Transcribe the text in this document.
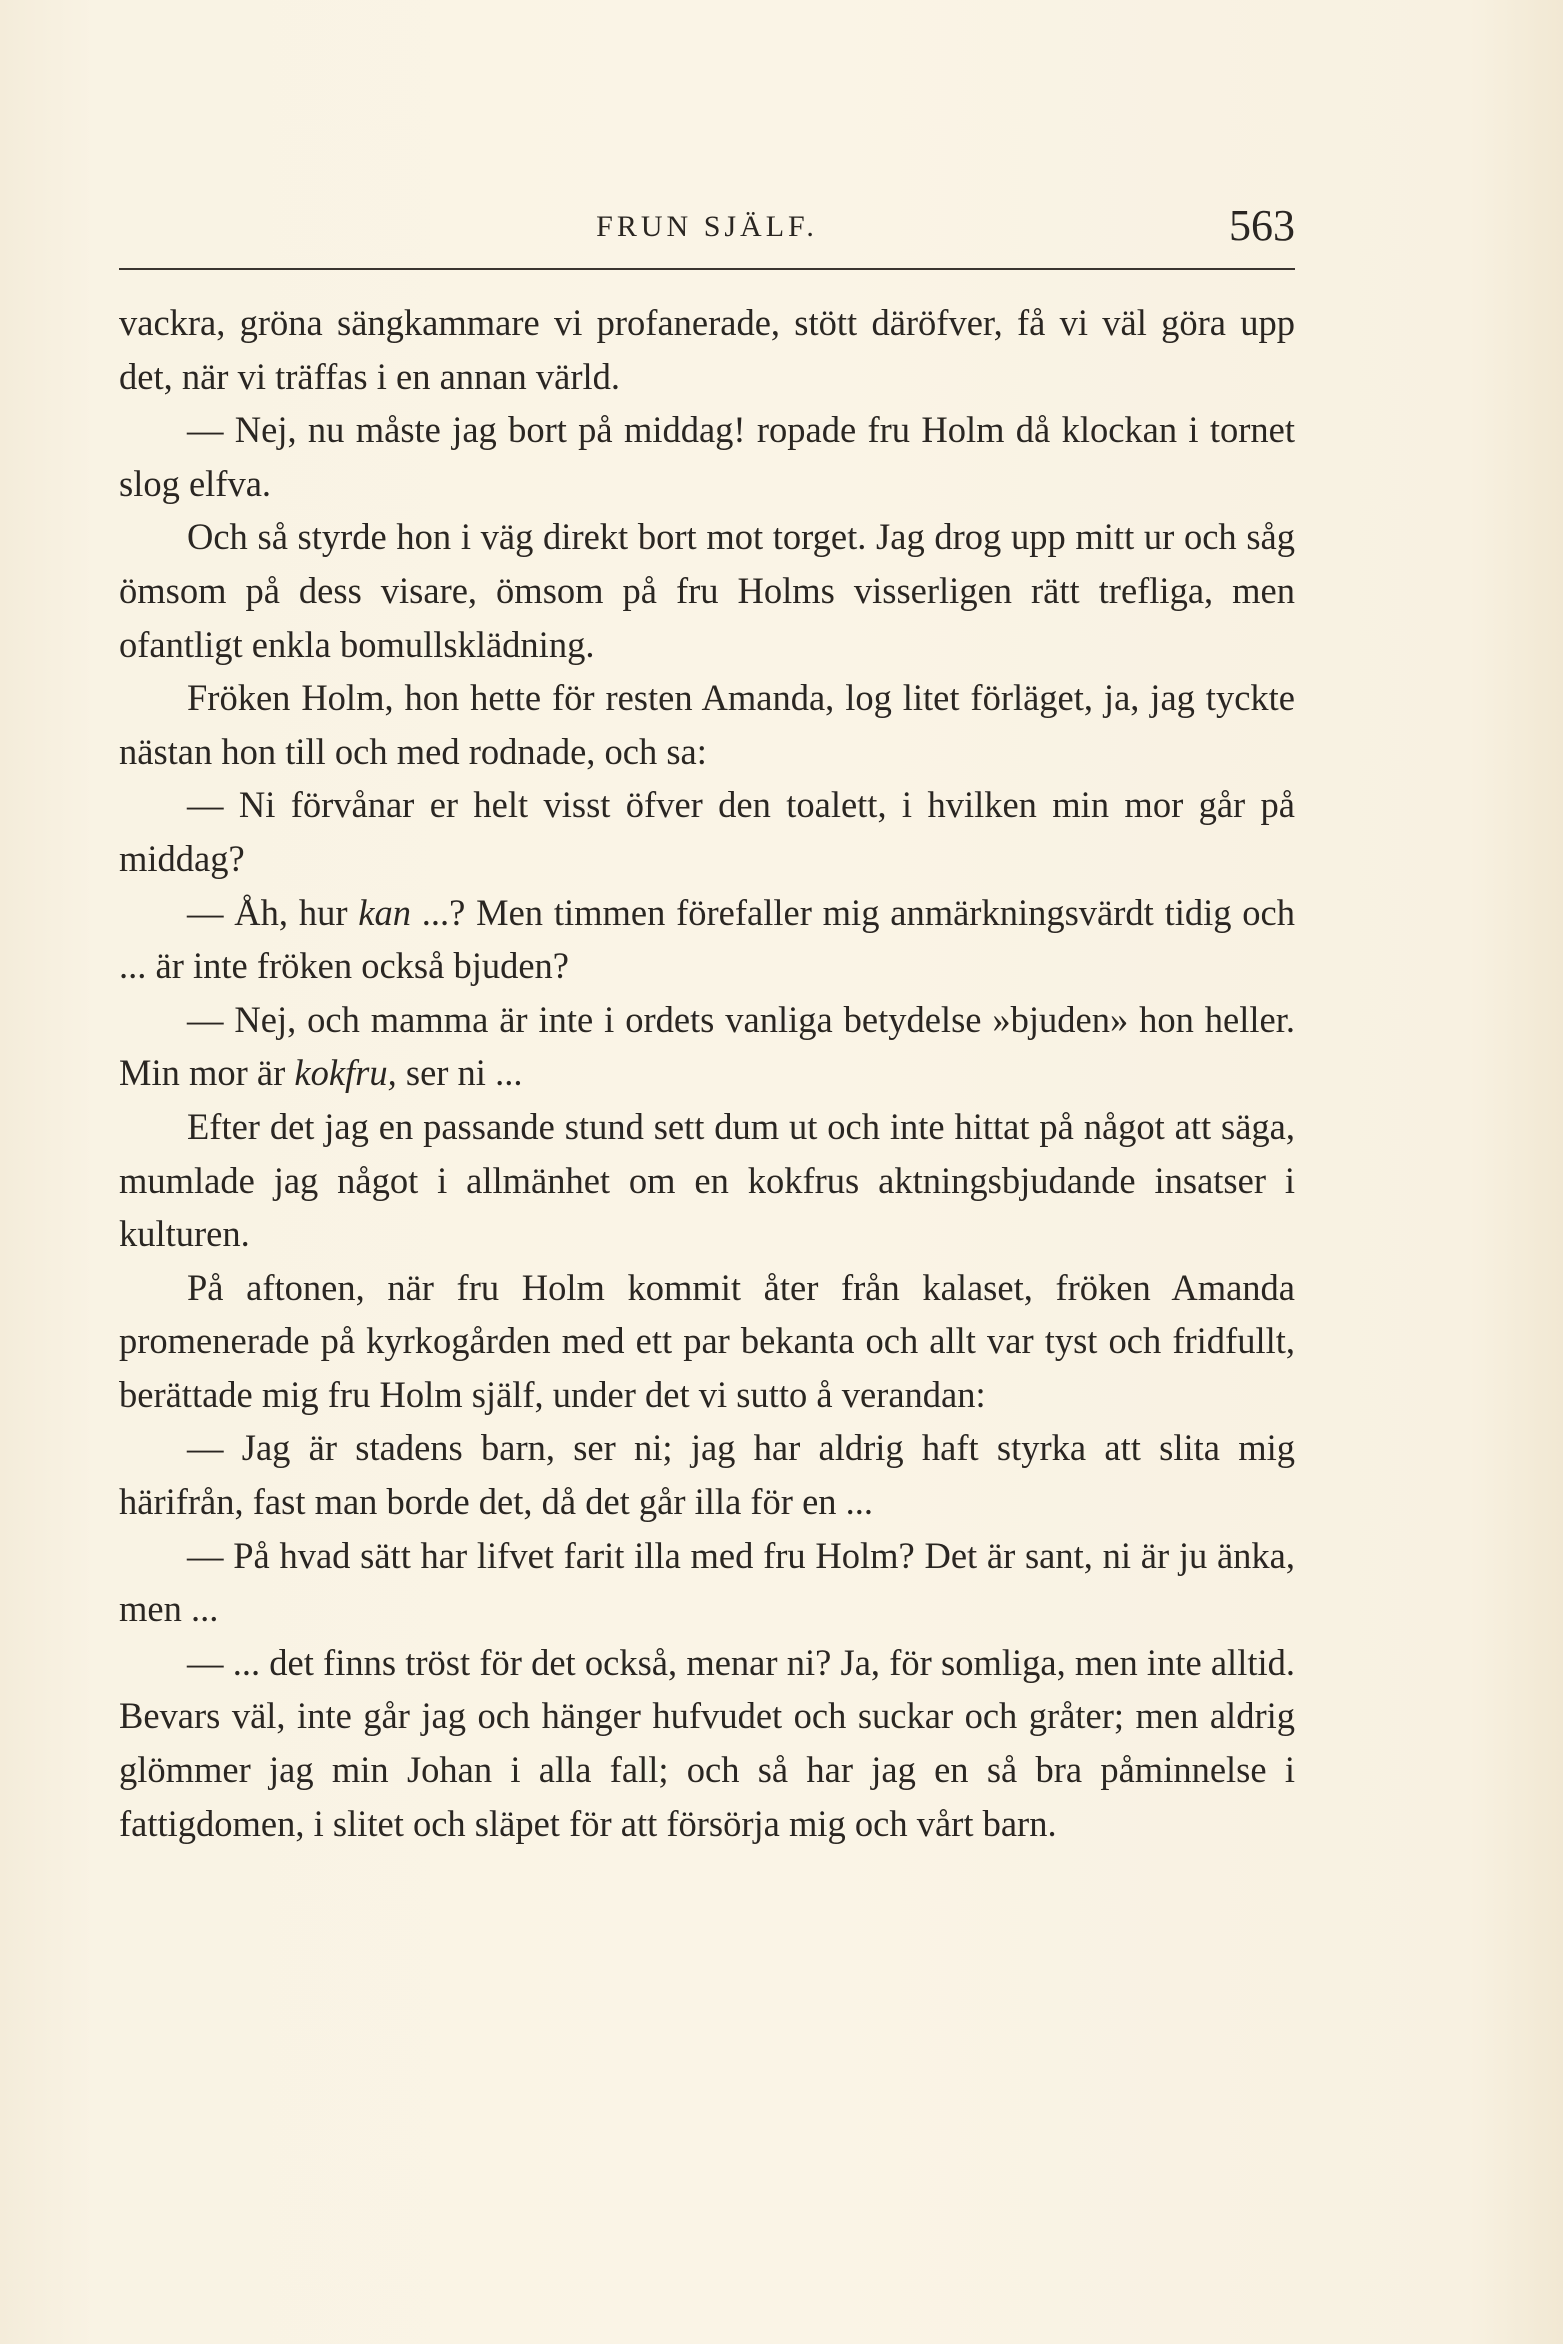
FRUN SJÄLF.	563

vackra, gröna sängkammare vi profanerade, stött däröfver, få vi väl göra upp det, när vi träffas i en annan värld.

— Nej, nu måste jag bort på middag! ropade fru Holm då klockan i tornet slog elfva.

Och så styrde hon i väg direkt bort mot torget. Jag drog upp mitt ur och såg ömsom på dess visare, ömsom på fru Holms visserligen rätt trefliga, men ofantligt enkla bomullsklädning.

Fröken Holm, hon hette för resten Amanda, log litet förläget, ja, jag tyckte nästan hon till och med rodnade, och sa:

— Ni förvånar er helt visst öfver den toalett, i hvilken min mor går på middag?

— Åh, hur kan ...? Men timmen förefaller mig anmärkningsvärdt tidig och ... är inte fröken också bjuden?

— Nej, och mamma är inte i ordets vanliga betydelse »bjuden» hon heller. Min mor är kokfru, ser ni ...

Efter det jag en passande stund sett dum ut och inte hittat på något att säga, mumlade jag något i allmänhet om en kokfrus aktningsbjudande insatser i kulturen.

På aftonen, när fru Holm kommit åter från kalaset, fröken Amanda promenerade på kyrkogården med ett par bekanta och allt var tyst och fridfullt, berättade mig fru Holm själf, under det vi sutto å verandan:

— Jag är stadens barn, ser ni; jag har aldrig haft styrka att slita mig härifrån, fast man borde det, då det går illa för en ...

— På hvad sätt har lifvet farit illa med fru Holm? Det är sant, ni är ju änka, men ...

— ... det finns tröst för det också, menar ni? Ja, för somliga, men inte alltid. Bevars väl, inte går jag och hänger hufvudet och suckar och gråter; men aldrig glömmer jag min Johan i alla fall; och så har jag en så bra påminnelse i fattigdomen, i slitet och släpet för att försörja mig och vårt barn.
